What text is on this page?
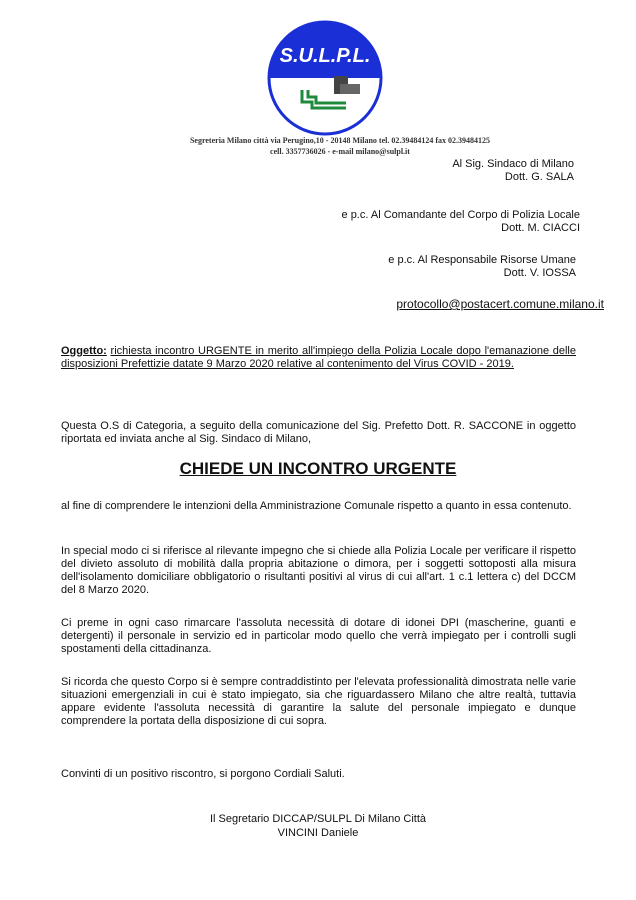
S.U.L.P.L.
Segreteria Milano città via Perugino,10 - 20148 Milano tel. 02.39484124 fax 02.39484125
cell. 3357736026 - e-mail milano@sulpl.it
Al Sig. Sindaco di Milano
Dott. G. SALA
e p.c. Al Comandante del Corpo di Polizia Locale
Dott. M. CIACCI
e p.c. Al Responsabile Risorse Umane
Dott. V. IOSSA
protocollo@postacert.comune.milano.it
Oggetto: richiesta incontro URGENTE in merito all'impiego della Polizia Locale dopo l'emanazione delle disposizioni Prefettizie datate 9 Marzo 2020 relative al contenimento del Virus COVID - 2019.
Questa O.S di Categoria, a seguito della comunicazione del Sig. Prefetto Dott. R. SACCONE in oggetto riportata ed inviata anche al Sig. Sindaco di Milano,
CHIEDE UN INCONTRO URGENTE
al fine di comprendere le intenzioni della Amministrazione Comunale rispetto a quanto in essa contenuto.
In special modo ci si riferisce al rilevante impegno che si chiede alla Polizia Locale per verificare il rispetto del divieto assoluto di mobilità dalla propria abitazione o dimora, per i soggetti sottoposti alla misura dell'isolamento domiciliare obbligatorio o risultanti positivi al virus di cui all'art. 1 c.1 lettera c) del DCCM del 8 Marzo 2020.
Ci preme in ogni caso rimarcare l'assoluta necessità di dotare di idonei DPI (mascherine, guanti e detergenti) il personale in servizio ed in particolar modo quello che verrà impiegato per i controlli sugli spostamenti della cittadinanza.
Si ricorda che questo Corpo si è sempre contraddistinto per l'elevata professionalità dimostrata nelle varie situazioni emergenziali in cui è stato impiegato, sia che riguardassero Milano che altre realtà, tuttavia appare evidente l'assoluta necessità di garantire la salute del personale impiegato e dunque comprendere la portata della disposizione di cui sopra.
Convinti di un positivo riscontro, si porgono Cordiali Saluti.
Il Segretario DICCAP/SULPL Di Milano Città
VINCINI Daniele
